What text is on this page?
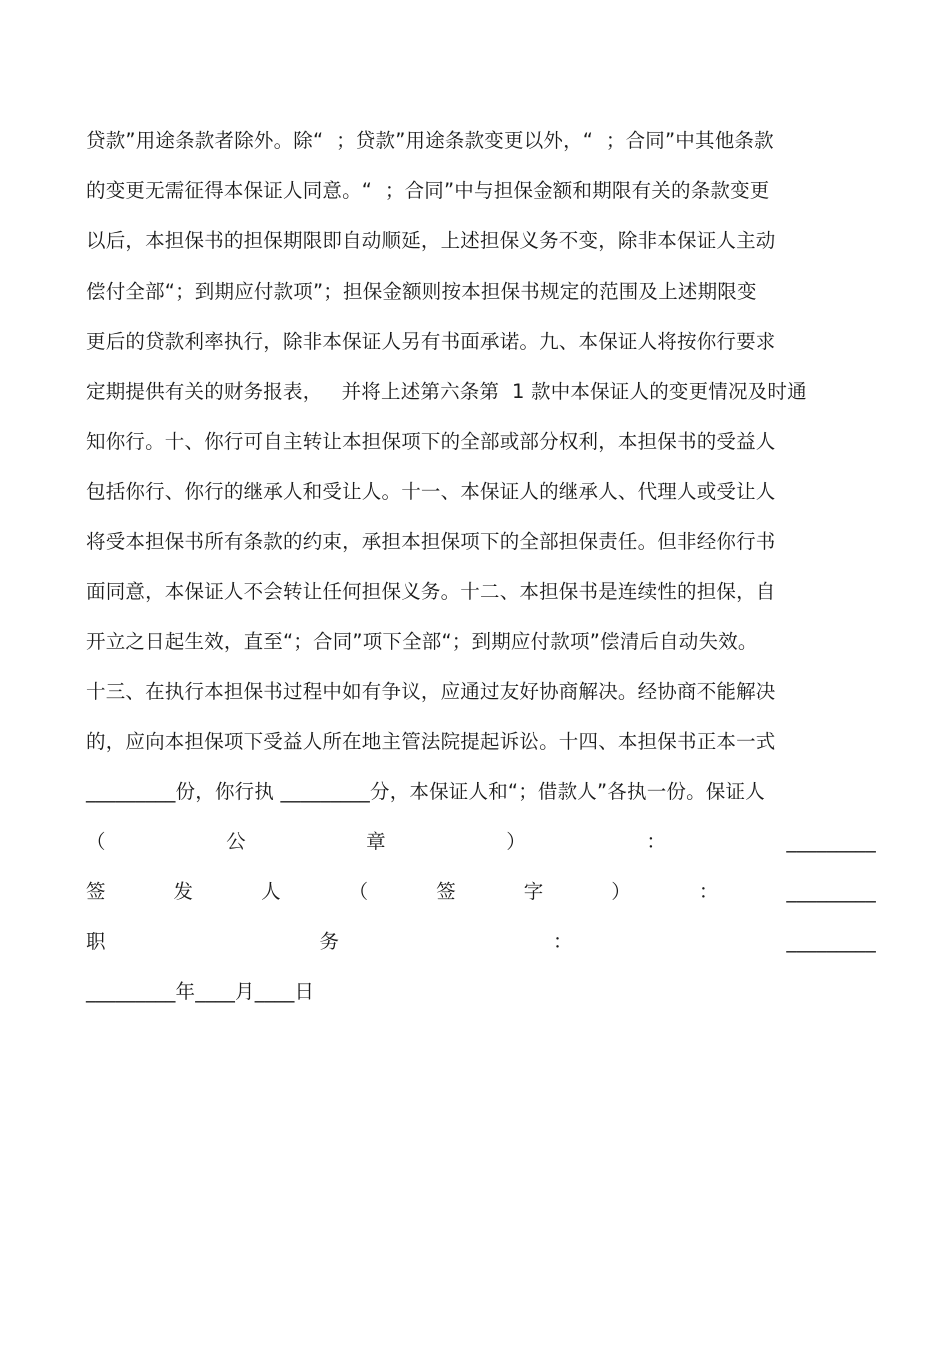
贷款”用途条款者除外。除“  ；贷款”用途条款变更以外，“  ；合同”中其他条款
的变更无需征得本保证人同意。“  ；合同”中与担保金额和期限有关的条款变更
以后，本担保书的担保期限即自动顺延，上述担保义务不变，除非本保证人主动
偿付全部“；到期应付款项”；担保金额则按本担保书规定的范围及上述期限变
更后的贷款利率执行，除非本保证人另有书面承诺。九、本保证人将按你行要求
定期提供有关的财务报表，   并将上述第六条第  1 款中本保证人的变更情况及时通
知你行。十、你行可自主转让本担保项下的全部或部分权利，本担保书的受益人
包括你行、你行的继承人和受让人。十一、本保证人的继承人、代理人或受让人
将受本担保书所有条款的约束，承担本担保项下的全部担保责任。但非经你行书
面同意，本保证人不会转让任何担保义务。十二、本担保书是连续性的担保，自
开立之日起生效，直至“；合同”项下全部“；到期应付款项”偿清后自动失效。
十三、在执行本担保书过程中如有争议，应通过友好协商解决。经协商不能解决
的，应向本担保项下受益人所在地主管法院提起诉讼。十四、本担保书正本一式
_________份，你行执 _________分，本保证人和“；借款人”各执一份。保证人
（	公	章	）	：	_________
签	发	人	（	签	字	）	：	_________
职	务	：	_________
_________年____月____日
